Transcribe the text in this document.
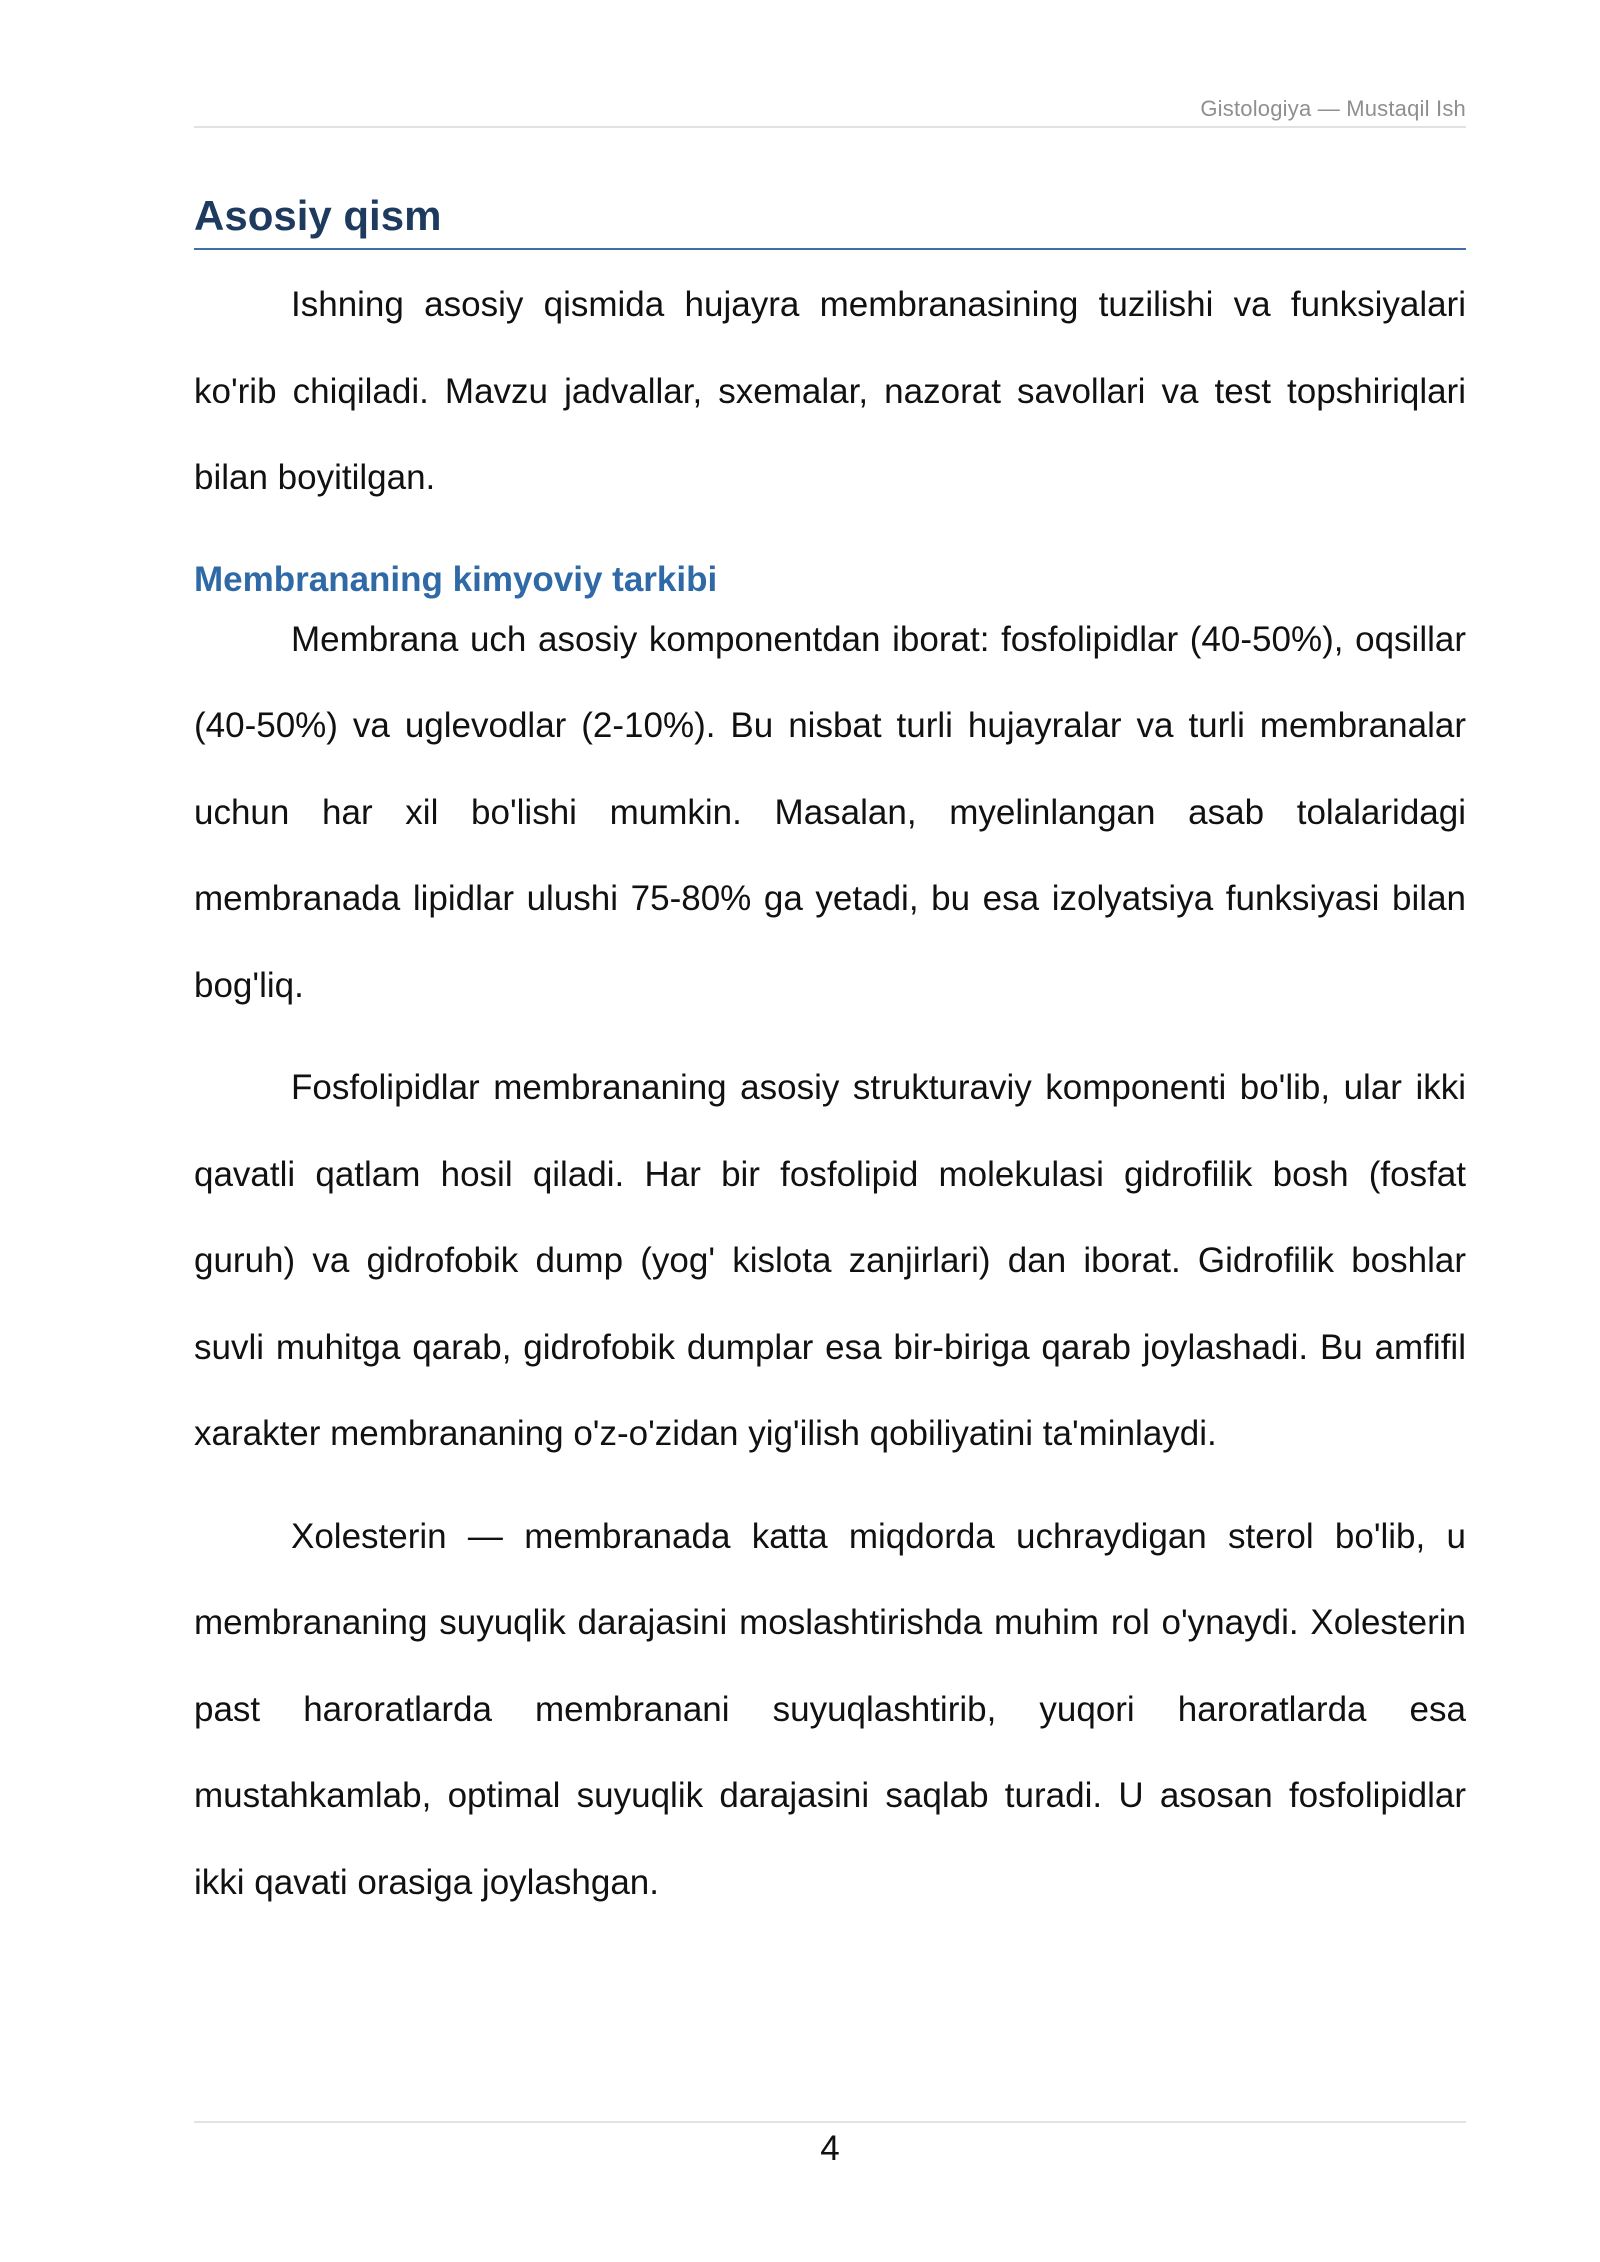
Gistologiya — Mustaqil Ish
Asosiy qism

Ishning asosiy qismida hujayra membranasining tuzilishi va funksiyalari ko'rib chiqiladi. Mavzu jadvallar, sxemalar, nazorat savollari va test topshiriqlari bilan boyitilgan.

Membrananing kimyoviy tarkibi

Membrana uch asosiy komponentdan iborat: fosfolipidlar (40-50%), oqsillar (40-50%) va uglevodlar (2-10%). Bu nisbat turli hujayralar va turli membranalar uchun har xil bo'lishi mumkin. Masalan, myelinlangan asab tolalaridagi membranada lipidlar ulushi 75-80% ga yetadi, bu esa izolyatsiya funksiyasi bilan bog'liq.

Fosfolipidlar membrananing asosiy strukturaviy komponenti bo'lib, ular ikki qavatli qatlam hosil qiladi. Har bir fosfolipid molekulasi gidrofilik bosh (fosfat guruh) va gidrofobik dump (yog' kislota zanjirlari) dan iborat. Gidrofilik boshlar suvli muhitga qarab, gidrofobik dumplar esa bir-biriga qarab joylashadi. Bu amfifil xarakter membrananing o'z-o'zidan yig'ilish qobiliyatini ta'minlaydi.

Xolesterin — membranada katta miqdorda uchraydigan sterol bo'lib, u membrananing suyuqlik darajasini moslashtirishda muhim rol o'ynaydi. Xolesterin past haroratlarda membranani suyuqlashtirib, yuqori haroratlarda esa mustahkamlab, optimal suyuqlik darajasini saqlab turadi. U asosan fosfolipidlar ikki qavati orasiga joylashgan.

4
